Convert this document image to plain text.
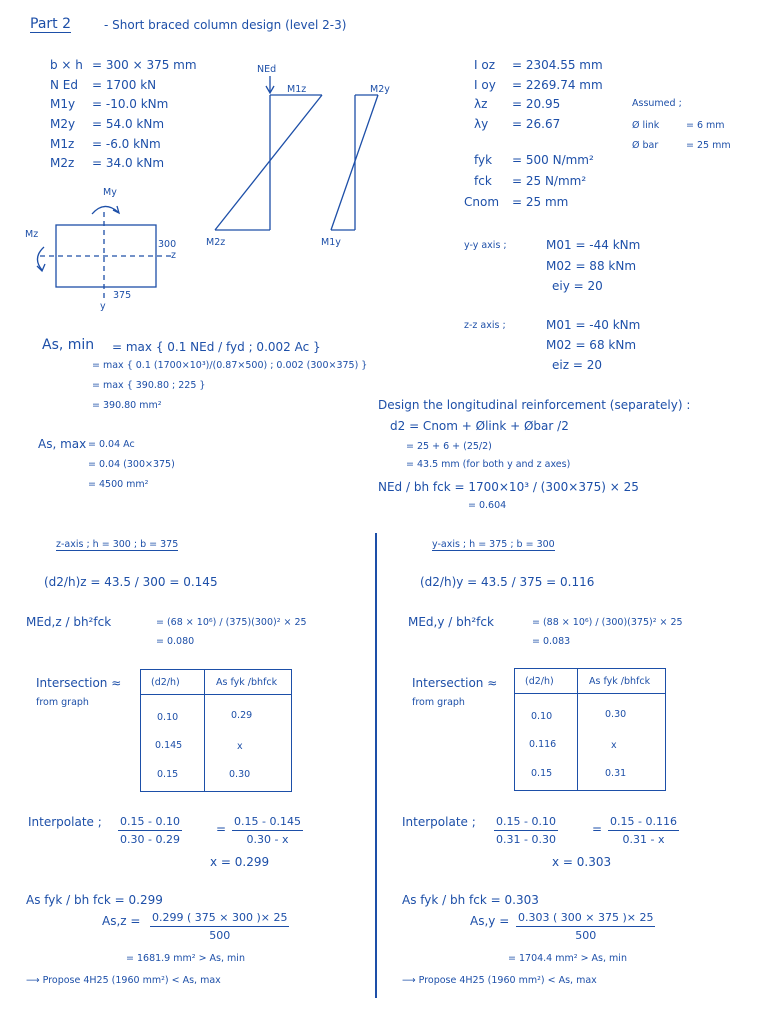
Part 2	- Short braced column design (level 2-3)
b × h = 300 × 375 mm
N Ed = 1700 kN
M1y = -10.0 kNm
M2y = 54.0 kNm
M1z = -6.0 kNm
M2z = 34.0 kNm
NEd
M1z
M2z
M2y
M1y
My
Mz
300
z
375
y
I oz = 2304.55 mm
I oy = 2269.74 mm
λz = 20.95
λy = 26.67
fyk = 500 N/mm²
fck = 25 N/mm²
Cnom = 25 mm
Assumed ;
Ø link	= 6 mm
Ø bar	= 25 mm
y-y axis ;	M01 = -44 kNm
M02 = 88 kNm
eiy = 20
z-z axis ;	M01 = -40 kNm
M02 = 68 kNm
eiz = 20
As, min = max { 0.1 NEd / fyd ; 0.002 Ac }
= max { 0.1 (1700×10³)/(0.87×500) ; 0.002 (300×375) }
= max { 390.80 ; 225 }
= 390.80 mm²
As, max = 0.04 Ac
= 0.04 (300×375)
= 4500 mm²
Design the longitudinal reinforcement (separately) :
d2 = Cnom + Ølink + Øbar /2
= 25 + 6 + (25/2)
= 43.5 mm (for both y and z axes)
NEd / bh fck = 1700×10³ / (300×375) × 25
= 0.604
z-axis ; h = 300 ; b = 375
(d2/h)z = 43.5 / 300 = 0.145
MEd,z / bh²fck	= (68 × 10⁶) / (375)(300)² × 25
= 0.080
Intersection ≈
from graph
(d2/h)	As fyk /bhfck
0.10	0.29
0.145	x
0.15	0.30
Interpolate ; $\frac{0.15 - 0.10}{0.30 - 0.29}$	= $\frac{0.15 - 0.145}{0.30 - x}$
x = 0.299
As fyk / bh fck = 0.299
$As,z = \frac{0.299 ( 375 \times 300 )\times 25}{500}$
= 1681.9 mm² > As, min
⟶ Propose 4H25 (1960 mm²) < As, max
y-axis ; h = 375 ; b = 300
(d2/h)y = 43.5 / 375 = 0.116
MEd,y / bh²fck	= (88 × 10⁶) / (300)(375)² × 25
= 0.083
Intersection ≈
from graph
(d2/h)	As fyk /bhfck
0.10	0.30
0.116	x
0.15	0.31
Interpolate ; $\frac{0.15 - 0.10}{0.31 - 0.30}$	= $\frac{0.15 - 0.116}{0.31 - x}$
x = 0.303
As fyk / bh fck = 0.303
$As,y = \frac{0.303 ( 300 \times 375 )\times 25}{500}$
= 1704.4 mm² > As, min
⟶ Propose 4H25 (1960 mm²) < As, max
